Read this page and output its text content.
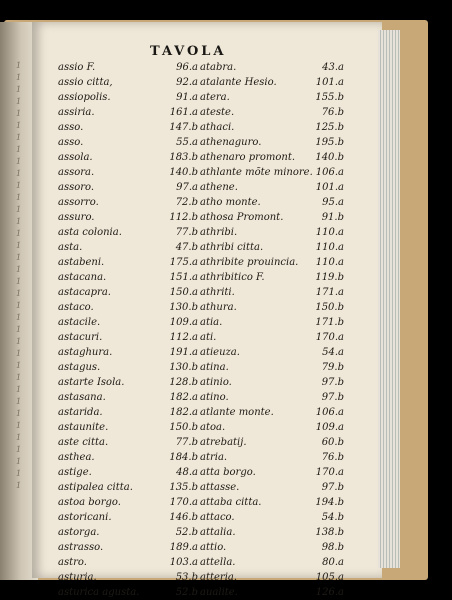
1
1
1
1
1
1
1
1
1
1
1
1
1
1
1
1
1
1
1
1
1
1
1
1
1
1
1
1
1
1
1
1
1
1
1
1
TAVOLA
assio F.	96.a
assio citta,	92.a
assiopolis.	91.a
assiria.	161.a
asso.	147.b
asso.	55.a
assola.	183.b
assora.	140.b
assoro.	97.a
assorro.	72.b
assuro.	112.b
asta colonia.	77.b
asta.	47.b
astabeni.	175.a
astacana.	151.a
astacapra.	150.a
astaco.	130.b
astacile.	109.a
astacuri.	112.a
astaghura.	191.a
astagus.	130.b
astarte Isola.	128.b
astasana.	182.a
astarida.	182.a
astaunite.	150.b
aste citta.	77.b
asthea.	184.b
astige.	48.a
astipalea citta.	135.b
astoa borgo.	170.a
astoricani.	146.b
astorga.	52.b
astrasso.	189.a
astro.	103.a
asturia.	53.b
asturica agusta.	52.b
atabra.	43.a
atalante Hesio.	101.a
atera.	155.b
ateste.	76.b
athaci.	125.b
athenaguro.	195.b
athenaro promont. 140.b
athlante mõte minore. 106.a
athene.	101.a
atho monte.	95.a
athosa Promont.	91.b
athribi.	110.a
athribi citta.	110.a
athribite prouincia. 110.a
athribitico F.	119.b
athriti.	171.a
athura.	150.b
atia.	171.b
ati.	170.a
atieuza.	54.a
atina.	79.b
atinio.	97.b
atino.	97.b
atlante monte.	106.a
atoa.	109.a
atrebatij.	60.b
atria.	76.b
atta borgo.	170.a
attasse.	97.b
attaba citta.	194.b
attaco.	54.b
attalia.	138.b
attio.	98.b
attella.	80.a
atteria.	105.a
aualite.	126.a
